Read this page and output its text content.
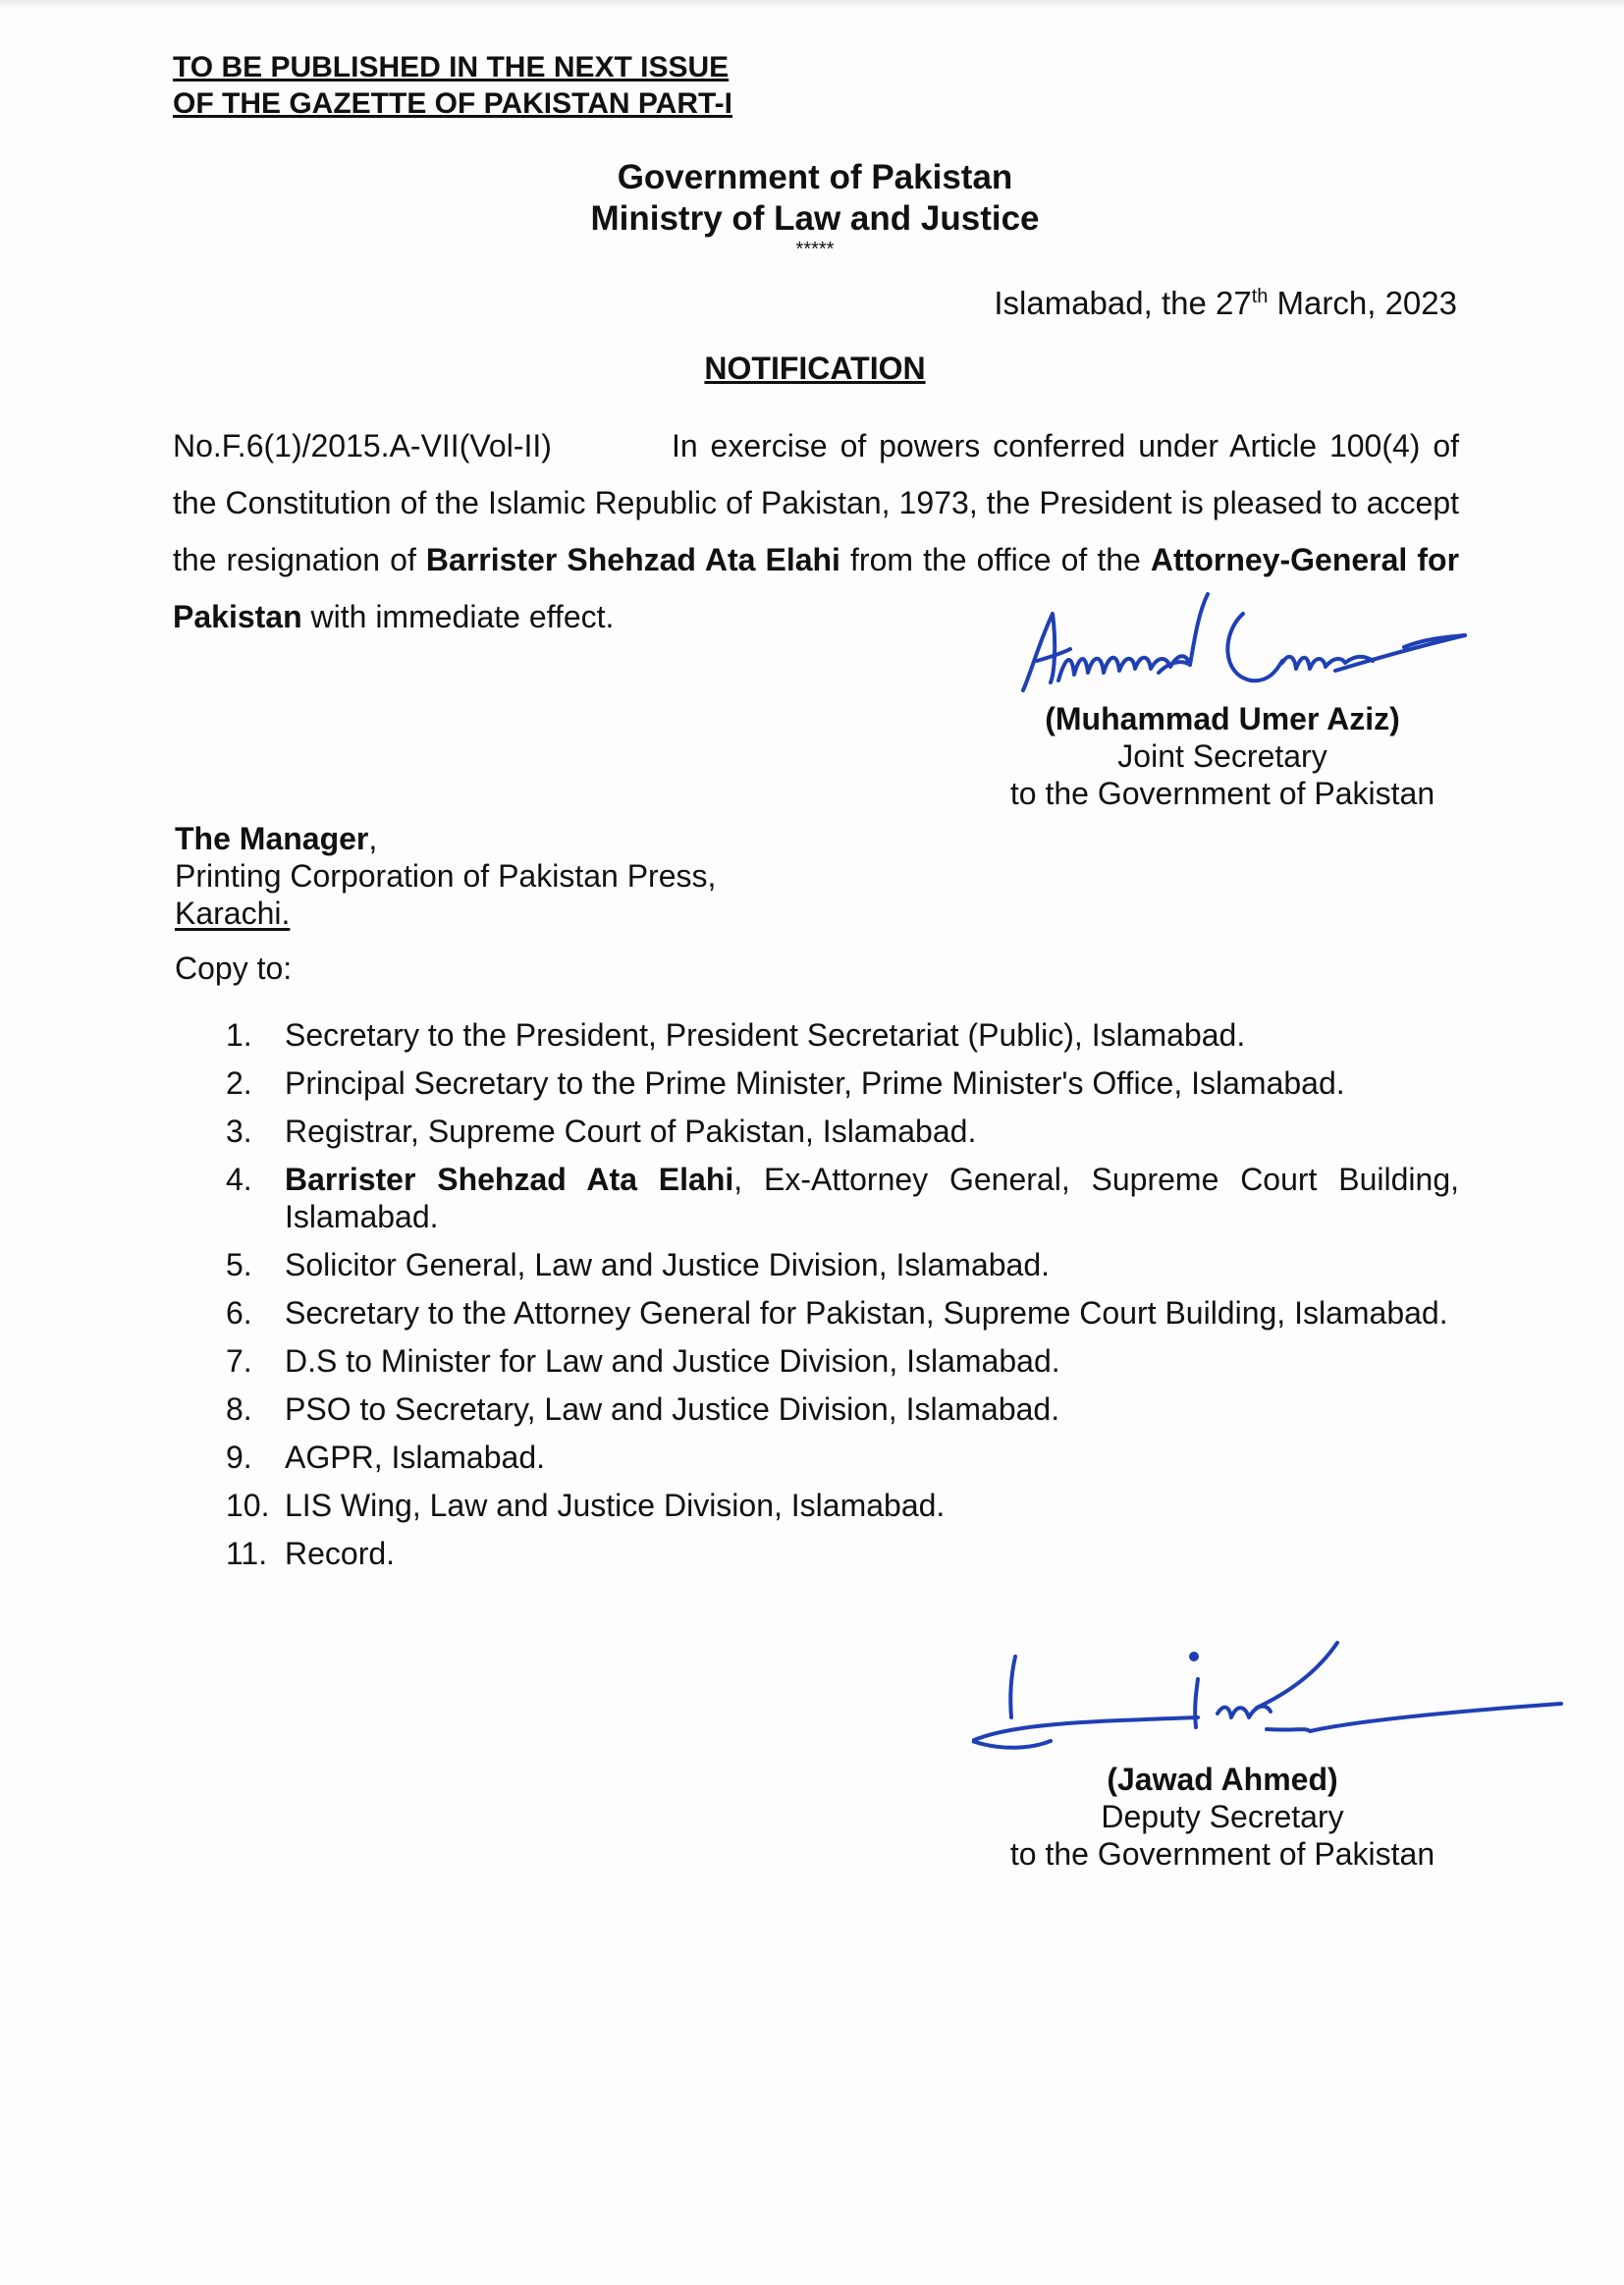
TO BE PUBLISHED IN THE NEXT ISSUE
OF THE GAZETTE OF PAKISTAN PART-I
Government of Pakistan
Ministry of Law and Justice
*****
Islamabad, the 27th March, 2023
NOTIFICATION

No.F.6(1)/2015.A-VII(Vol-II)	In exercise of powers conferred under Article 100(4) of the Constitution of the Islamic Republic of Pakistan, 1973, the President is pleased to accept the resignation of Barrister Shehzad Ata Elahi from the office of the Attorney-General for Pakistan with immediate effect.

(Muhammad Umer Aziz)
Joint Secretary
to the Government of Pakistan
The Manager,
Printing Corporation of Pakistan Press,
Karachi.
Copy to:
1.	Secretary to the President, President Secretariat (Public), Islamabad.
2.	Principal Secretary to the Prime Minister, Prime Minister's Office, Islamabad.
3.	Registrar, Supreme Court of Pakistan, Islamabad.
4.	Barrister Shehzad Ata Elahi, Ex-Attorney General, Supreme Court Building, Islamabad.
5.	Solicitor General, Law and Justice Division, Islamabad.
6.	Secretary to the Attorney General for Pakistan, Supreme Court Building, Islamabad.
7.	D.S to Minister for Law and Justice Division, Islamabad.
8.	PSO to Secretary, Law and Justice Division, Islamabad.
9.	AGPR, Islamabad.
10. LIS Wing, Law and Justice Division, Islamabad.
11. Record.
(Jawad Ahmed)
Deputy Secretary
to the Government of Pakistan
